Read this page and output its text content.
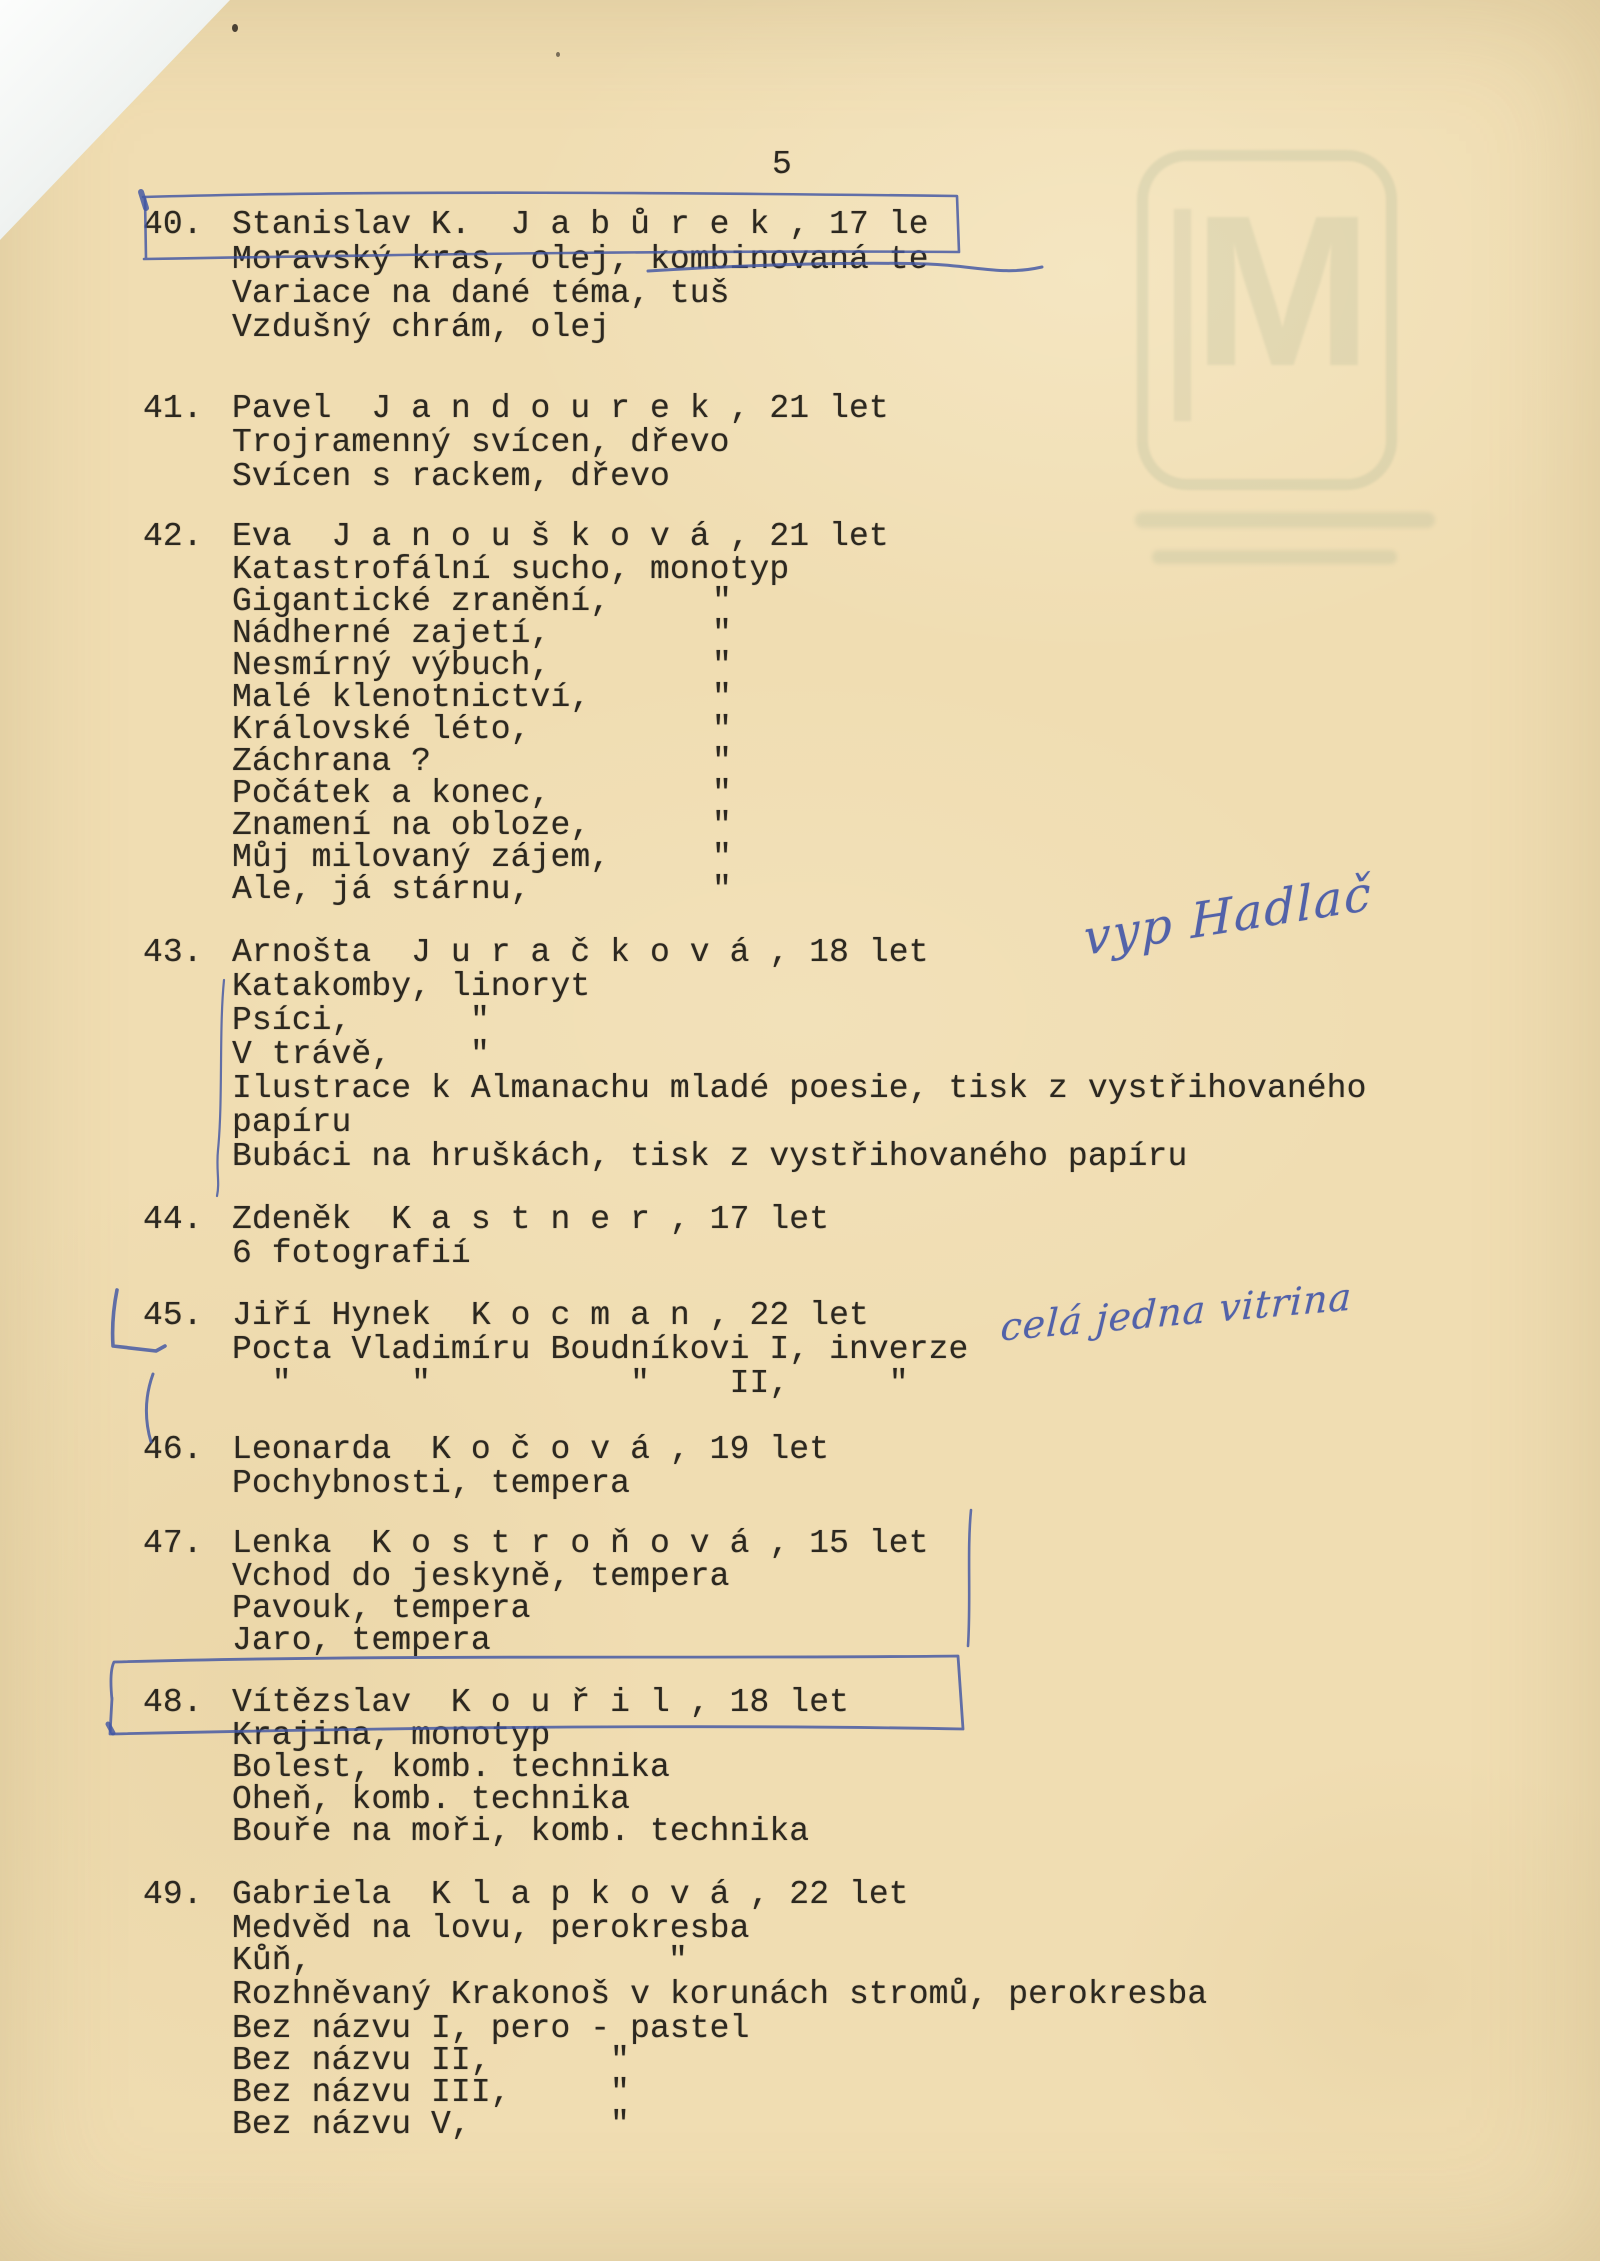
M
5
40. Stanislav K.  J a b ů r e k , 17 le
Moravský kras, olej, kombinovaná te
Variace na dané téma, tuš
Vzdušný chrám, olej
41. Pavel  J a n d o u r e k , 21 let
Trojramenný svícen, dřevo
Svícen s rackem, dřevo
42. Eva  J a n o u š k o v á , 21 let
Katastrofální sucho, monotyp
Gigantické zranění,	"
Nádherné zajetí,	"
Nesmírný výbuch,	"
Malé klenotnictví,	"
Královské léto,	"
Záchrana ?	"
Počátek a konec,	"
Znamení na obloze,	"
Můj milovaný zájem,	"
Ale, já stárnu,	"
43. Arnošta  J u r a č k o v á , 18 let
Katakomby, linoryt
Psíci,	"
V trávě, "
Ilustrace k Almanachu mladé poesie, tisk z vystřihovaného
papíru
Bubáci na hruškách, tisk z vystřihovaného papíru
44. Zdeněk  K a s t n e r , 17 let
6 fotografií
45. Jiří Hynek  K o c m a n , 22 let
Pocta Vladimíru Boudníkovi I, inverze
"      "          "    II,     "
46. Leonarda  K o č o v á , 19 let
Pochybnosti, tempera
47. Lenka  K o s t r o ň o v á , 15 let
Vchod do jeskyně, tempera
Pavouk, tempera
Jaro, tempera
48. Vítězslav  K o u ř i l , 18 let
Krajina, monotyp
Bolest, komb. technika
Oheň, komb. technika
Bouře na moři, komb. technika
49. Gabriela  K l a p k o v á , 22 let
Medvěd na lovu, perokresba
Kůň,	"
Rozhněvaný Krakonoš v korunách stromů, perokresba
Bez názvu I, pero - pastel
Bez názvu II,	"
Bez názvu III,	"
Bez názvu V,	"
vyp Hadlač
celá jedna vitrina
